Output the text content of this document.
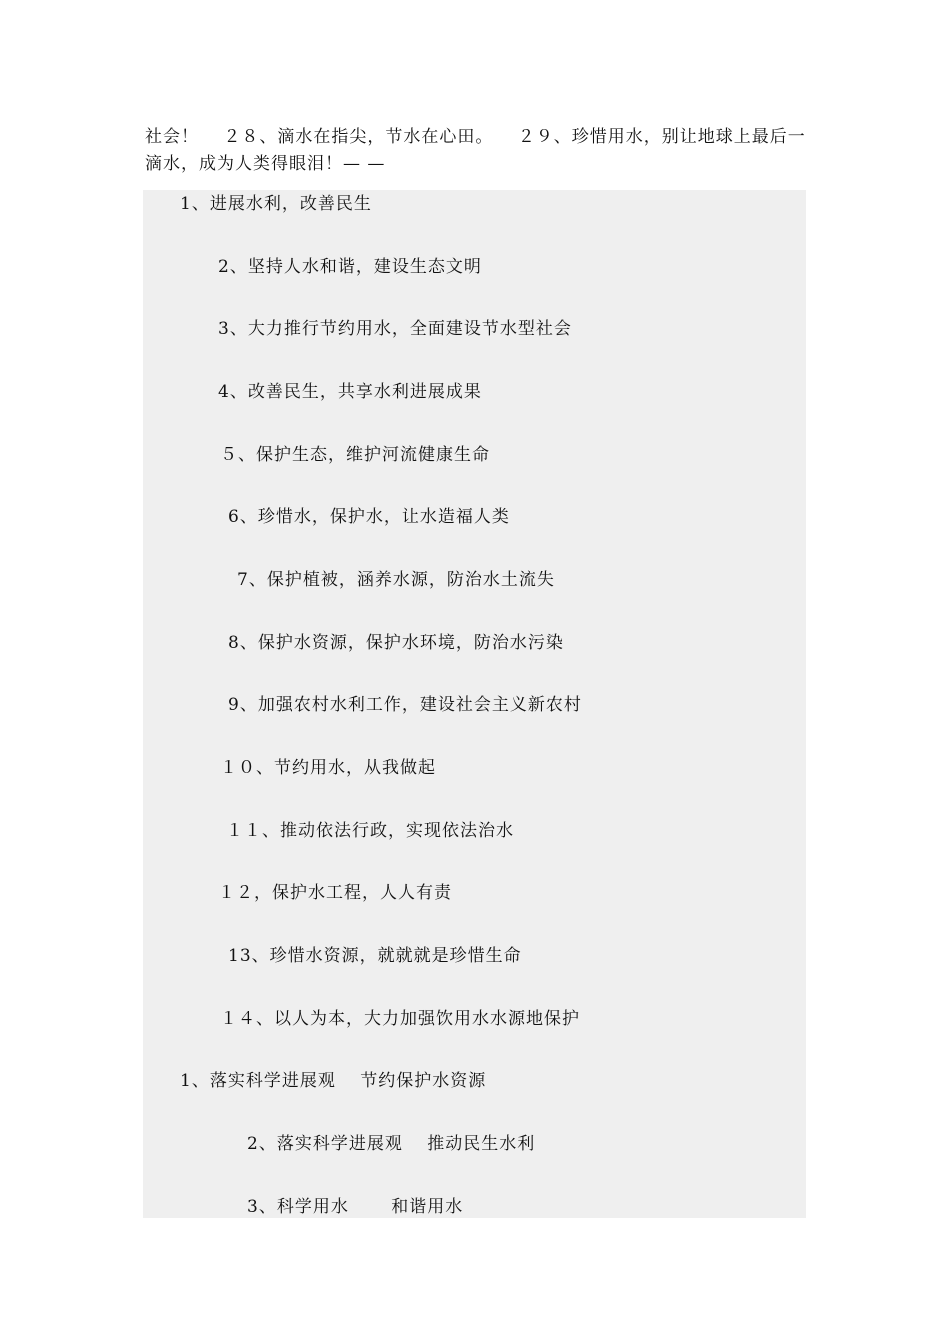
社会！　 ２８、滴水在指尖，节水在心田。 　２９、珍惜用水，别让地球上最后一滴水，成为人类得眼泪！— —
1、进展水利，改善民生
2、坚持人水和谐，建设生态文明
3、大力推行节约用水，全面建设节水型社会
4、改善民生，共享水利进展成果
５、保护生态，维护河流健康生命
6、珍惜水，保护水，让水造福人类
7、保护植被，涵养水源，防治水土流失
8、保护水资源，保护水环境，防治水污染
9、加强农村水利工作，建设社会主义新农村
１０、节约用水，从我做起
１１、推动依法行政，实现依法治水
１２，保护水工程，人人有责
13、珍惜水资源，就就就是珍惜生命
１４、以人为本，大力加强饮用水水源地保护
1、落实科学进展观　 节约保护水资源
2、落实科学进展观　 推动民生水利
3、科学用水　 　和谐用水
